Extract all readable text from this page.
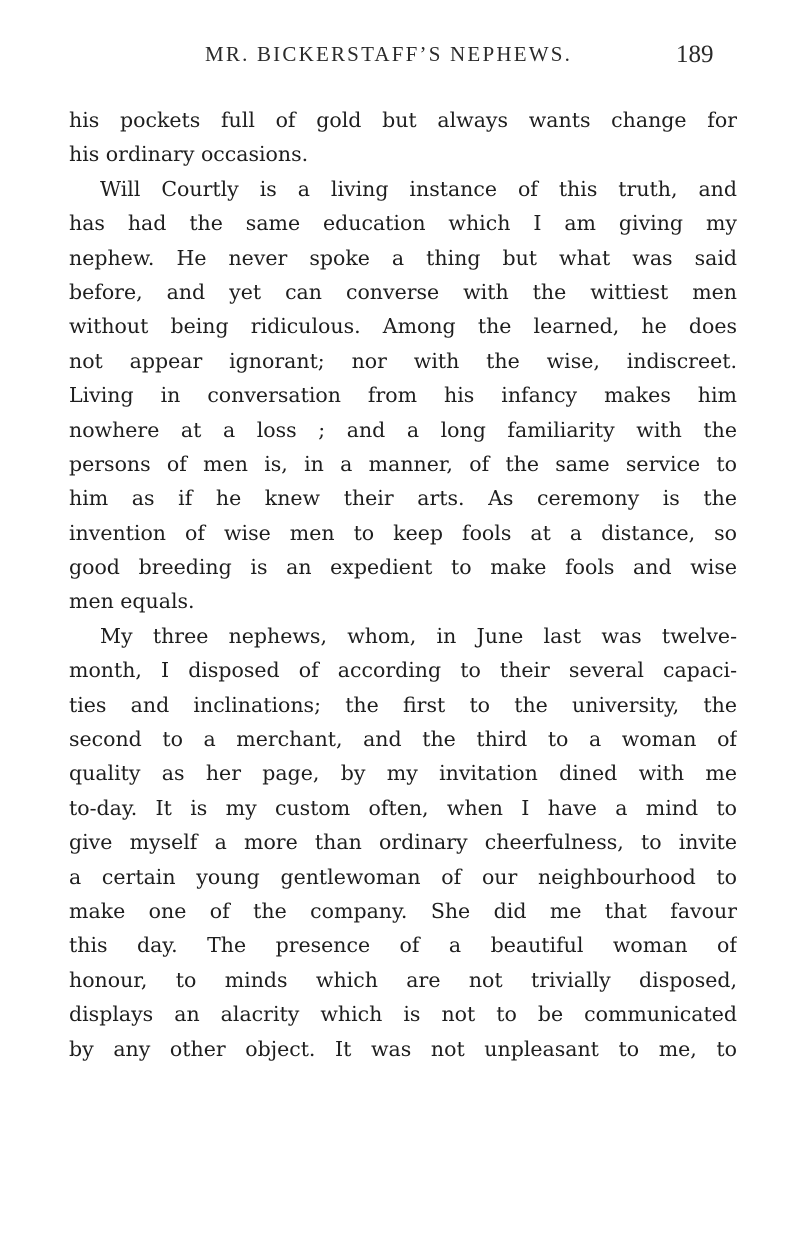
MR. BICKERSTAFF’S NEPHEWS.	189
his pockets full of gold but always wants change for
his ordinary occasions.
Will Courtly is a living instance of this truth, and
has had the same education which I am giving my
nephew. He never spoke a thing but what was said
before, and yet can converse with the wittiest men
without being ridiculous. Among the learned, he does
not appear ignorant; nor with the wise, indiscreet.
Living in conversation from his infancy makes him
nowhere at a loss ; and a long familiarity with the
persons of men is, in a manner, of the same service to
him as if he knew their arts. As ceremony is the
invention of wise men to keep fools at a distance, so
good breeding is an expedient to make fools and wise
men equals.
My three nephews, whom, in June last was twelve-
month, I disposed of according to their several capaci-
ties and inclinations; the first to the university, the
second to a merchant, and the third to a woman of
quality as her page, by my invitation dined with me
to-day. It is my custom often, when I have a mind to
give myself a more than ordinary cheerfulness, to invite
a certain young gentlewoman of our neighbourhood to
make one of the company. She did me that favour
this day. The presence of a beautiful woman of
honour, to minds which are not trivially disposed,
displays an alacrity which is not to be communicated
by any other object. It was not unpleasant to me, to
